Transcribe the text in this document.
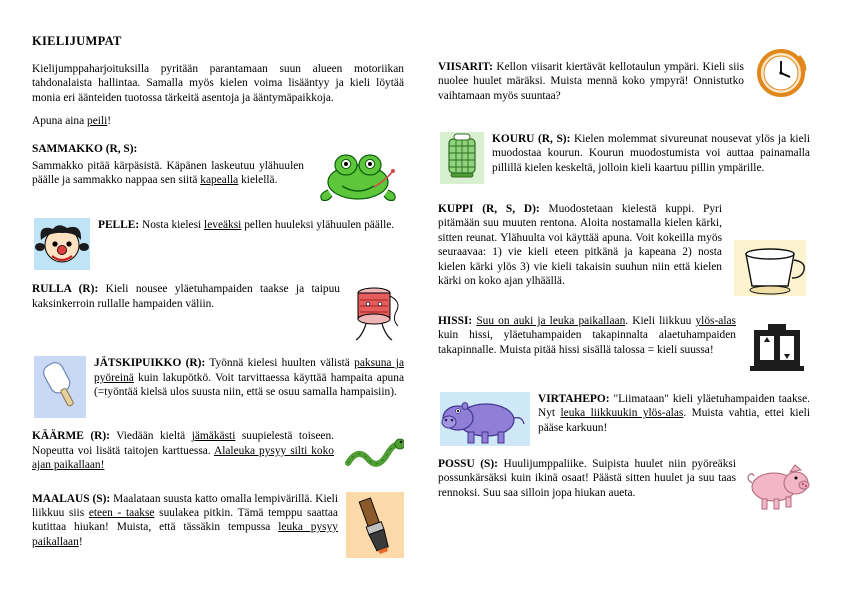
KIELIJUMPAT

Kielijumppaharjoituksilla pyritään parantamaan suun alueen motoriikan tahdonalaista hallintaa. Samalla myös kielen voima lisääntyy ja kieli löytää monia eri äänteiden tuotossa tärkeitä asentoja ja ääntymäpaikkoja.

Apuna aina peili!

SAMMAKKO (R, S):

Sammakko pitää kärpäsistä. Käpänen laskeutuu ylähuulen päälle ja sammakko nappaa sen siitä kapealla kielellä.

PELLE: Nosta kielesi leveäksi pellen huuleksi ylähuulen päälle.

RULLA (R): Kieli nousee yläetuhampaiden taakse ja taipuu kaksinkerroin rullalle hampaiden väliin.

JÄTSKIPUIKKO (R): Työnnä kielesi huulten välistä paksuna ja pyöreinä kuin lakupötkö. Voit tarvittaessa käyttää hampaita apuna (=työntää kielsä ulos suusta niin, että se osuu samalla hampaisiin).

KÄÄRME (R): Viedään kieltä jämäkästi suupielestä toiseen. Nopeutta voi lisätä taitojen karttuessa. Alaleuka pysyy silti koko ajan paikallaan!

MAALAUS (S): Maalataan suusta katto omalla lempivärillä. Kieli liikkuu siis eteen - taakse suulakea pitkin. Tämä temppu saattaa kutittaa hiukan! Muista, että tässäkin tempussa leuka pysyy paikallaan!

VIISARIT: Kellon viisarit kiertävät kellotaulun ympäri. Kieli siis nuolee huulet märäksi. Muista mennä koko ympyrä! Onnistutko vaihtamaan myös suuntaa?

KOURU (R, S): Kielen molemmat sivureunat nousevat ylös ja kieli muodostaa kourun. Kourun muodostumista voi auttaa painamalla pillillä kielen keskeltä, jolloin kieli kaartuu pillin ympärille.

KUPPI (R, S, D): Muodostetaan kielestä kuppi. Pyri pitämään suu muuten rentona. Aloita nostamalla kielen kärki, sitten reunat. Ylähuulta voi käyttää apuna. Voit kokeilla myös seuraavaa: 1) vie kieli eteen pitkänä ja kapeana 2) nosta kielen kärki ylös 3) vie kieli takaisin suuhun niin että kielen kärki on koko ajan ylhäällä.

HISSI: Suu on auki ja leuka paikallaan. Kieli liikkuu ylös-alas kuin hissi, yläetuhampaiden takapinnalta alaetuhampaiden takapinnalle. Muista pitää hissi sisällä talossa = kieli suussa!

VIRTAHEPO: "Liimataan" kieli yläetuhampaiden taakse. Nyt leuka liikkuukin ylös-alas. Muista vahtia, ettei kieli pääse karkuun!

POSSU (S): Huulijumppaliike. Suipista huulet niin pyöreäksi possunkärsäksi kuin ikinä osaat! Päästä sitten huulet ja suu taas rennoksi. Suu saa silloin jopa hiukan aueta.
